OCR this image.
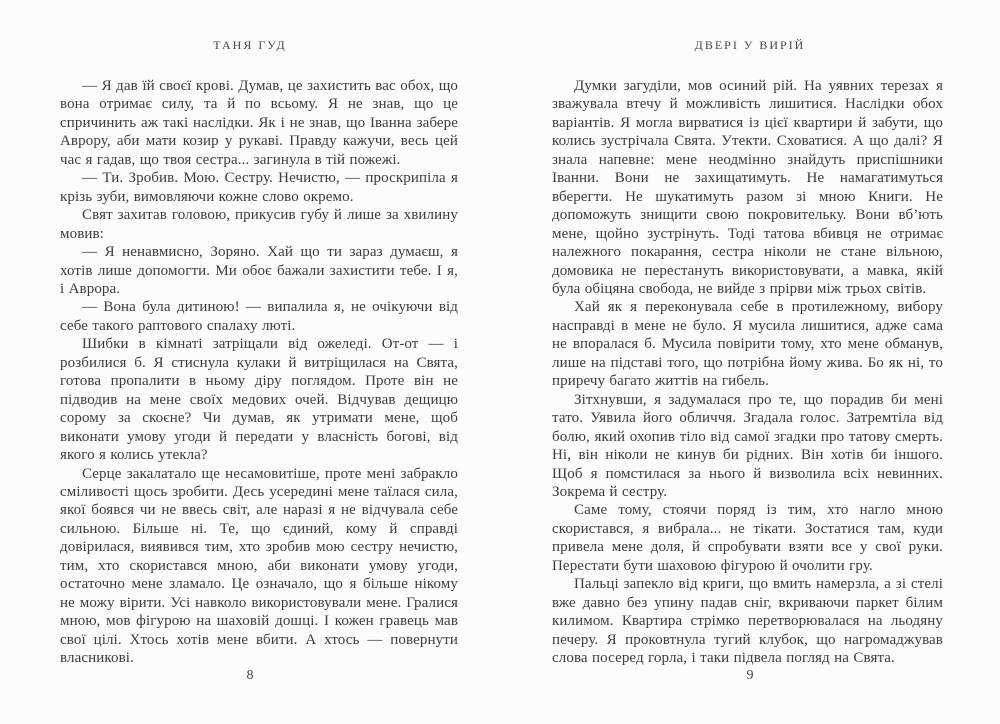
ТАНЯ ГУД

— Я дав їй своєї крові. Думав, це захистить вас обох, що вона отримає силу, та й по всьому. Я не знав, що це спричинить аж такі наслідки. Як і не знав, що Іванна забере Аврору, аби мати козир у рукаві. Правду кажучи, весь цей час я гадав, що твоя сестра... загинула в тій пожежі.

— Ти. Зробив. Мою. Сестру. Нечистю, — проскрипіла я крізь зуби, вимовляючи кожне слово окремо.

Свят захитав головою, прикусив губу й лише за хвилину мовив:

— Я ненавмисно, Зоряно. Хай що ти зараз думаєш, я хотів лише допомогти. Ми обоє бажали захистити тебе. І я, і Аврора.

— Вона була дитиною! — випалила я, не очікуючи від себе такого раптового спалаху люті.

Шибки в кімнаті затріщали від ожеледі. От-от — і розбилися б. Я стиснула кулаки й витріщилася на Свята, готова пропалити в ньому діру поглядом. Проте він не підводив на мене своїх медових очей. Відчував дещицю сорому за скоєне? Чи думав, як утримати мене, щоб виконати умову угоди й передати у власність богові, від якого я колись утекла?

Серце закалатало ще несамовитіше, проте мені забракло сміливості щось зробити. Десь усередині мене таїлася сила, якої боявся чи не ввесь світ, але наразі я не відчувала себе сильною. Більше ні. Те, що єдиний, кому й справді довірилася, виявився тим, хто зробив мою сестру нечистю, тим, хто скористався мною, аби виконати умову угоди, остаточно мене зламало. Це означало, що я більше нікому не можу вірити. Усі навколо використовували мене. Гралися мною, мов фігурою на шаховій дошці. І кожен гравець мав свої цілі. Хтось хотів мене вбити. А хтось — повернути власникові.

8
ДВЕРІ У ВИРІЙ

Думки загуділи, мов осиний рій. На уявних терезах я зважувала втечу й можливість лишитися. Наслідки обох варіантів. Я могла вирватися із цієї квартири й забути, що колись зустрічала Свята. Утекти. Сховатися. А що далі? Я знала напевне: мене неодмінно знайдуть приспішники Іванни. Вони не захищатимуть. Не намагатимуться вберегти. Не шукатимуть разом зі мною Книги. Не допоможуть знищити свою покровительку. Вони вб’ють мене, щойно зустрінуть. Тоді татова вбивця не отримає належного покарання, сестра ніколи не стане вільною, домовика не перестануть використовувати, а мавка, якій була обіцяна свобода, не вийде з прірви між трьох світів.

Хай як я переконувала себе в протилежному, вибору насправді в мене не було. Я мусила лишитися, адже сама не впоралася б. Мусила повірити тому, хто мене обманув, лише на підставі того, що потрібна йому жива. Бо як ні, то приречу багато життів на гибель.

Зітхнувши, я задумалася про те, що порадив би мені тато. Уявила його обличчя. Згадала голос. Затремтіла від болю, який охопив тіло від самої згадки про татову смерть. Ні, він ніколи не кинув би рідних. Він хотів би іншого. Щоб я помстилася за нього й визволила всіх невинних. Зокрема й сестру.

Саме тому, стоячи поряд із тим, хто нагло мною скористався, я вибрала... не тікати. Зостатися там, куди привела мене доля, й спробувати взяти все у свої руки. Перестати бути шаховою фігурою й очолити гру.

Пальці запекло від криги, що вмить намерзла, а зі стелі вже давно без упину падав сніг, вкриваючи паркет білим килимом. Квартира стрімко перетворювалася на льодяну печеру. Я проковтнула тугий клубок, що нагромаджував слова посеред горла, і таки підвела погляд на Свята.

9
